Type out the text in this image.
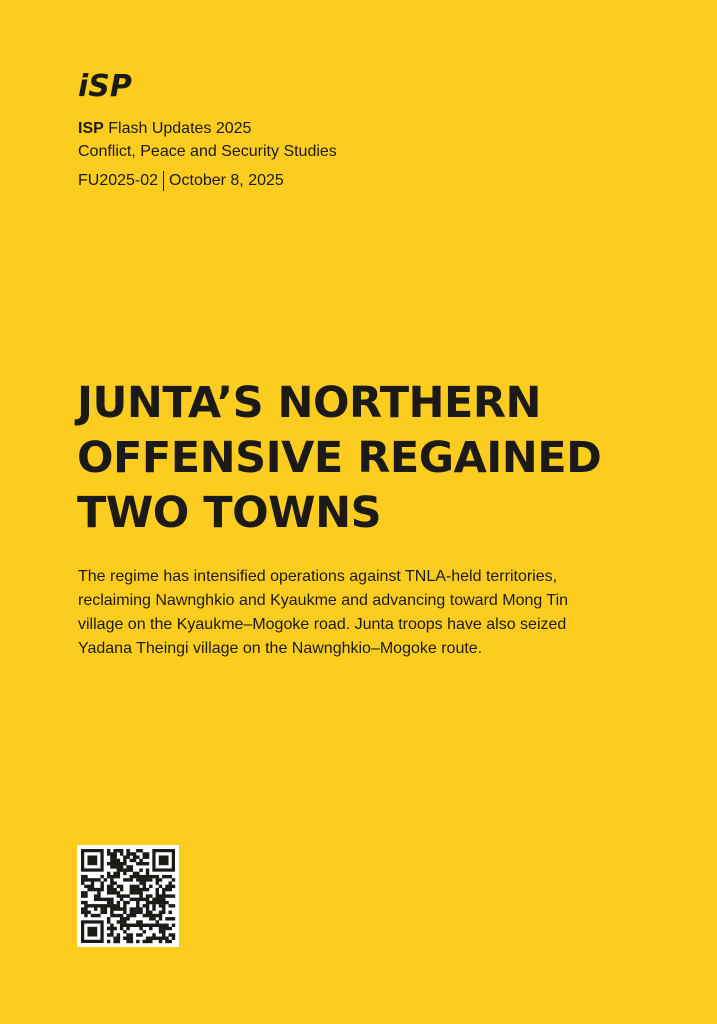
iSP
ISP Flash Updates 2025
Conflict, Peace and Security Studies
FU2025-02 October 8, 2025
JUNTA’S NORTHERN
OFFENSIVE REGAINED
TWO TOWNS

The regime has intensified operations against TNLA-held territories,
reclaiming Nawnghkio and Kyaukme and advancing toward Mong Tin
village on the Kyaukme–Mogoke road. Junta troops have also seized
Yadana Theingi village on the Nawnghkio–Mogoke route.
